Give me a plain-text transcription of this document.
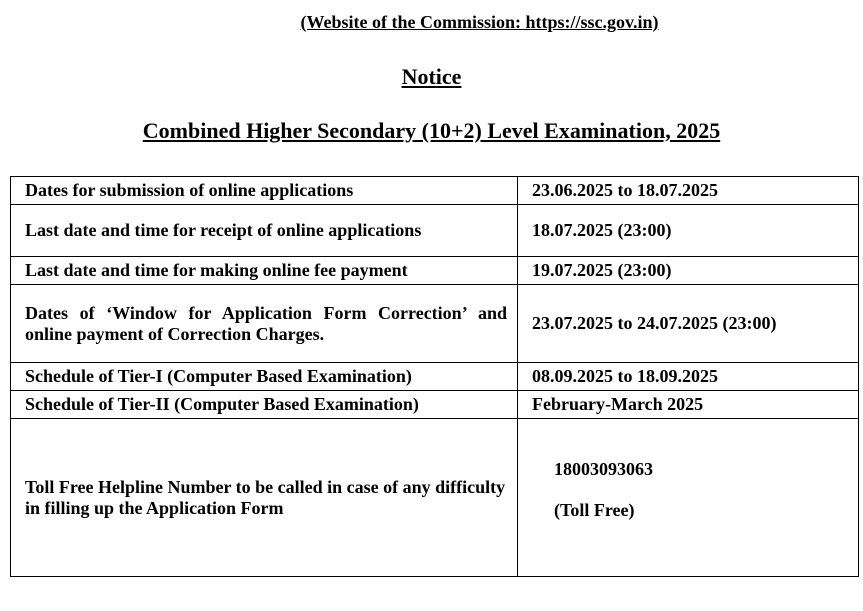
(Website of the Commission: https://ssc.gov.in)
Notice
Combined Higher Secondary (10+2) Level Examination, 2025
Dates for submission of online applications	23.06.2025 to 18.07.2025
Last date and time for receipt of online applications	18.07.2025 (23:00)
Last date and time for making online fee payment	19.07.2025 (23:00)
Dates of ‘Window for Application Form Correction’ and online payment of Correction Charges.	23.07.2025 to 24.07.2025 (23:00)
Schedule of Tier-I (Computer Based Examination)	08.09.2025 to 18.09.2025
Schedule of Tier-II (Computer Based Examination)	February-March 2025
Toll Free Helpline Number to be called in case of any difficulty in filling up the Application Form	18003093063
(Toll Free)
